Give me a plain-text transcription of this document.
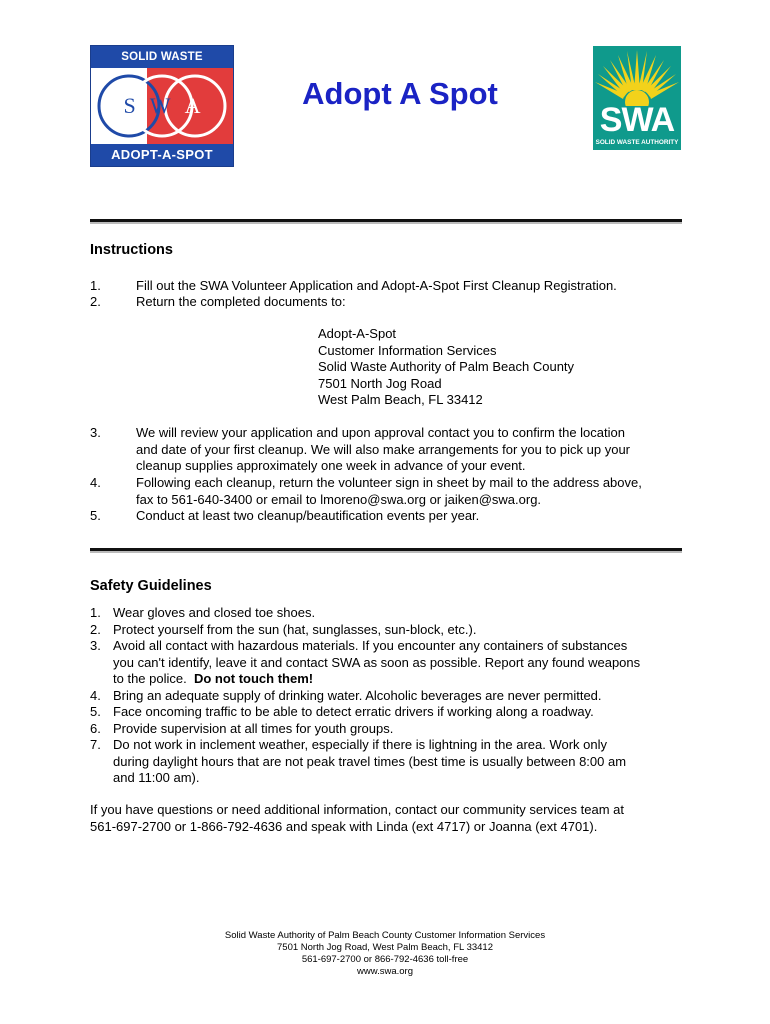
SOLID WASTE
S W A
ADOPT-A-SPOT
Adopt A Spot
SWA
SOLID WASTE AUTHORITY
Instructions
1.	Fill out the SWA Volunteer Application and Adopt-A-Spot First Cleanup Registration.
2.	Return the completed documents to:
Adopt-A-Spot
Customer Information Services
Solid Waste Authority of Palm Beach County
7501 North Jog Road
West Palm Beach, FL 33412
3.	We will review your application and upon approval contact you to confirm the location
and date of your first cleanup. We will also make arrangements for you to pick up your
cleanup supplies approximately one week in advance of your event.
4.	Following each cleanup, return the volunteer sign in sheet by mail to the address above,
fax to 561-640-3400 or email to lmoreno@swa.org or jaiken@swa.org.
5.	Conduct at least two cleanup/beautification events per year.
Safety Guidelines
1. Wear gloves and closed toe shoes.
2. Protect yourself from the sun (hat, sunglasses, sun-block, etc.).
3. Avoid all contact with hazardous materials. If you encounter any containers of substances
you can't identify, leave it and contact SWA as soon as possible. Report any found weapons
to the police. Do not touch them!
4. Bring an adequate supply of drinking water. Alcoholic beverages are never permitted.
5. Face oncoming traffic to be able to detect erratic drivers if working along a roadway.
6. Provide supervision at all times for youth groups.
7. Do not work in inclement weather, especially if there is lightning in the area. Work only
during daylight hours that are not peak travel times (best time is usually between 8:00 am
and 11:00 am).
If you have questions or need additional information, contact our community services team at
561-697-2700 or 1-866-792-4636 and speak with Linda (ext 4717) or Joanna (ext 4701).
Solid Waste Authority of Palm Beach County Customer Information Services
7501 North Jog Road, West Palm Beach, FL 33412
561-697-2700 or 866-792-4636 toll-free
www.swa.org
